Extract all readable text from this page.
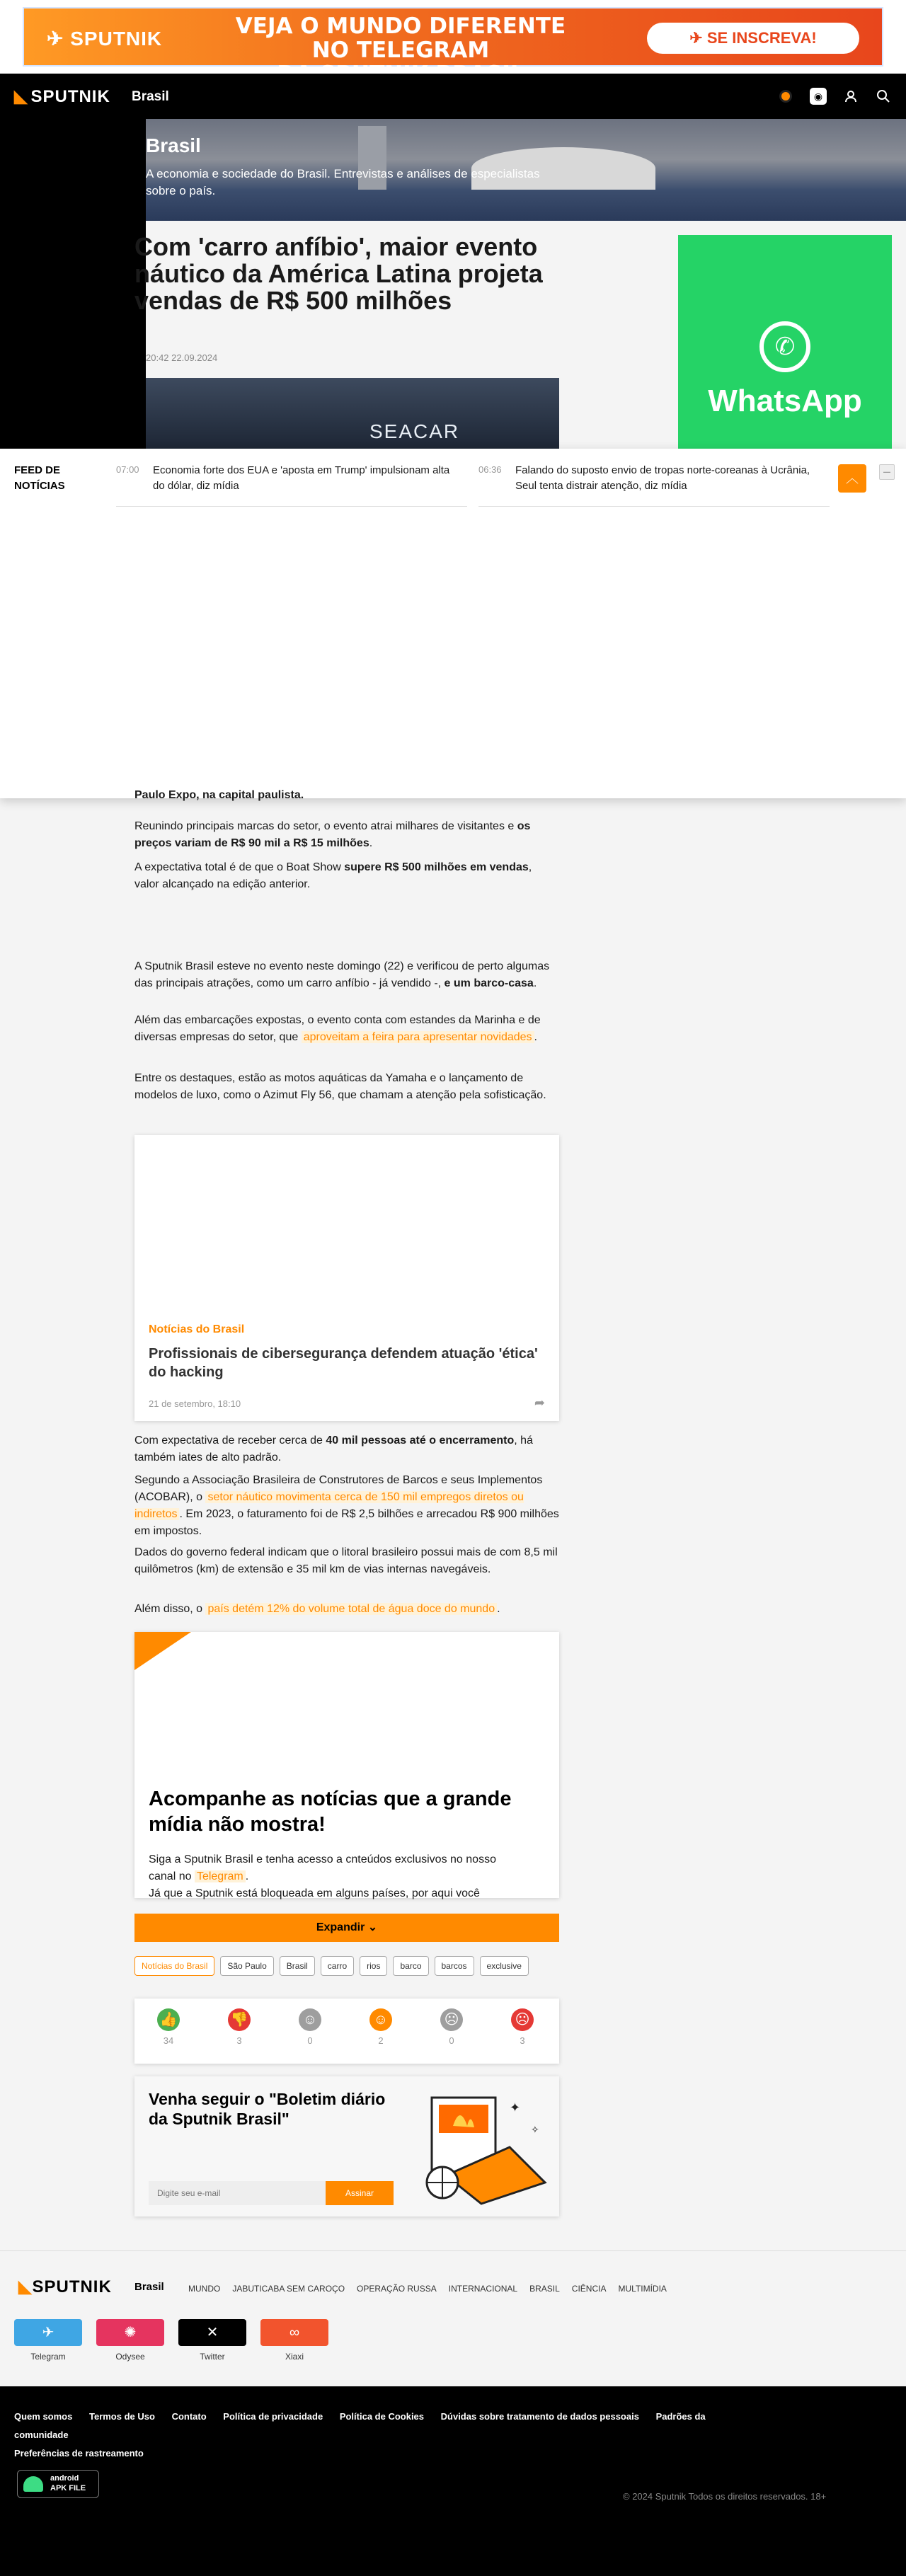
✈ SPUTNIK	VEJA O MUNDO DIFERENTE NO TELEGRAM	✈ SE INSCREVA!
◣ SPUTNIK Brasil	◉
Brasil

A economia e sociedade do Brasil. Entrevistas e análises de especialistas sobre o país.

Com 'carro anfíbio', maior evento náutico da América Latina projeta vendas de R$ 500 milhões
20:42 22.09.2024
SEACAR
✆
WhatsApp
FEED DE
NOTÍCIAS
07:00 Economia forte dos EUA e 'aposta em Trump' impulsionam alta do dólar, diz mídia
06:36 Falando do suposto envio de tropas norte-coreanas à Ucrânia, Seul tenta distrair atenção, diz mídia
︿	–
Paulo Expo, na capital paulista.
Reunindo principais marcas do setor, o evento atrai milhares de visitantes e os preços variam de R$ 90 mil a R$ 15 milhões.
A expectativa total é de que o Boat Show supere R$ 500 milhões em vendas, valor alcançado na edição anterior.
A Sputnik Brasil esteve no evento neste domingo (22) e verificou de perto algumas das principais atrações, como um carro anfíbio - já vendido -, e um barco-casa.
Além das embarcações expostas, o evento conta com estandes da Marinha e de diversas empresas do setor, que aproveitam a feira para apresentar novidades .
Entre os destaques, estão as motos aquáticas da Yamaha e o lançamento de modelos de luxo, como o Azimut Fly 56, que chamam a atenção pela sofisticação.
Notícias do Brasil
Profissionais de cibersegurança defendem atuação 'ética' do hacking
21 de setembro, 18:10	➦
Com expectativa de receber cerca de 40 mil pessoas até o encerramento, há também iates de alto padrão.
Segundo a Associação Brasileira de Construtores de Barcos e seus Implementos (ACOBAR), o setor náutico movimenta cerca de 150 mil empregos diretos ou indiretos . Em 2023, o faturamento foi de R$ 2,5 bilhões e arrecadou R$ 900 milhões em impostos.
Dados do governo federal indicam que o litoral brasileiro possui mais de com 8,5 mil quilômetros (km) de extensão e 35 mil km de vias internas navegáveis.
Além disso, o país detém 12% do volume total de água doce do mundo .
Acompanhe as notícias que a grande mídia não mostra!
Siga a Sputnik Brasil e tenha acesso a cnteúdos exclusivos no nosso canal no Telegram .
Já que a Sputnik está bloqueada em alguns países, por aqui você
Expandir ⌄
Notícias do Brasil	São Paulo	Brasil	carro	rios	barco	barcos	exclusive
👍
34
👎
3
☺
0
☺
2
☹
0
☹
3
Venha seguir o "Boletim diário da Sputnik Brasil"
Digite seu e-mail
Assinar
✦
✧
◣SPUTNIK Brasil	MUNDO JABUTICABA SEM CAROÇO OPERAÇÃO RUSSA INTERNACIONAL BRASIL CIÊNCIA MULTIMÍDIA
✈
Telegram
✺
Odysee
✕
Twitter
∞
Xiaxi
Quem somos Termos de Uso Contato Política de privacidade Política de Cookies Dúvidas sobre tratamento de dados pessoais Padrões da comunidade
Preferências de rastreamento
android
APK FILE
© 2024 Sputnik Todos os direitos reservados. 18+
